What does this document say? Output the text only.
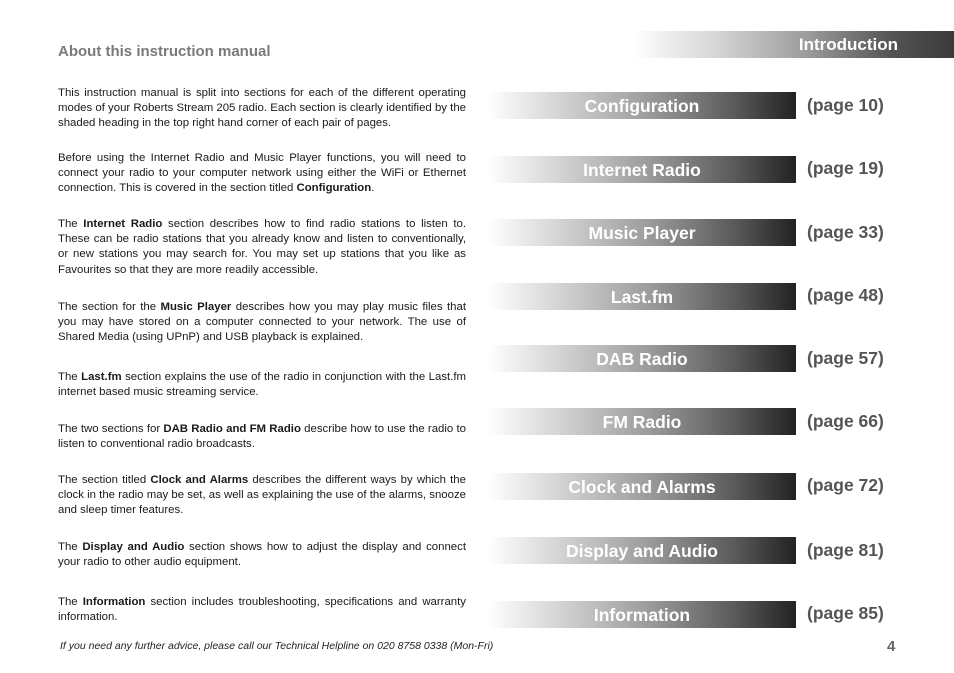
About this instruction manual	Introduction

This instruction manual is split into sections for each of the different operating modes of your Roberts Stream 205 radio. Each section is clearly identified by the shaded heading in the top right hand corner of each pair of pages.

Before using the Internet Radio and Music Player functions, you will need to connect your radio to your computer network using either the WiFi or Ethernet connection. This is covered in the section titled Configuration.

The Internet Radio section describes how to find radio stations to listen to. These can be radio stations that you already know and listen to conventionally, or new stations you may search for. You may set up stations that you like as Favourites so that they are more readily accessible.

The section for the Music Player describes how you may play music files that you may have stored on a computer connected to your network. The use of Shared Media (using UPnP) and USB playback is explained.

The Last.fm section explains the use of the radio in conjunction with the Last.fm internet based music streaming service.

The two sections for DAB Radio and FM Radio describe how to use the radio to listen to conventional radio broadcasts.

The section titled Clock and Alarms describes the different ways by which the clock in the radio may be set, as well as explaining the use of the alarms, snooze and sleep timer features.

The Display and Audio section shows how to adjust the display and connect your radio to other audio equipment.

The Information section includes troubleshooting, specifications and warranty information.

Configuration	(page 10)
Internet Radio	(page 19)
Music Player	(page 33)
Last.fm	(page 48)
DAB Radio	(page 57)
FM Radio	(page 66)
Clock and Alarms	(page 72)
Display and Audio	(page 81)
Information	(page 85)
If you need any further advice, please call our Technical Helpline on 020 8758 0338 (Mon-Fri)	4
